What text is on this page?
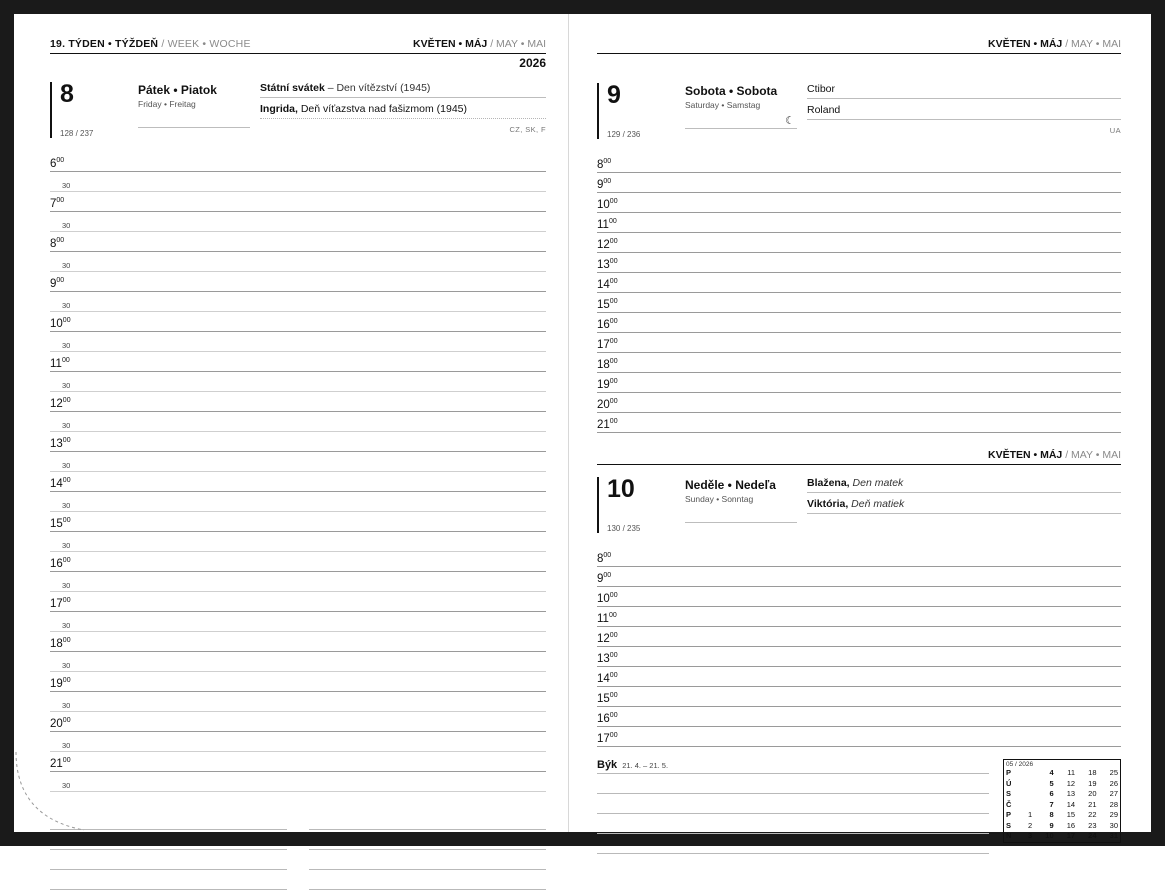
19. TÝDEN • TÝŽDEŇ / WEEK • WOCHE	KVĚTEN • MÁJ / MAY • MAI
2026
8
128 / 237
Pátek • Piatok
Friday • Freitag
Státní svátek – Den vítězství (1945)
Ingrida, Deň víťazstva nad fašizmom (1945)
CZ, SK, F
$6^{00}$
30
$7^{00}$
30
$8^{00}$
30
$9^{00}$
30
$10^{00}$
30
$11^{00}$
30
$12^{00}$
30
$13^{00}$
30
$14^{00}$
30
$15^{00}$
30
$16^{00}$
30
$17^{00}$
30
$18^{00}$
30
$19^{00}$
30
$20^{00}$
30
$21^{00}$
30
KVĚTEN • MÁJ / MAY • MAI
9
129 / 236
Sobota • Sobota
Saturday • Samstag
☾
Ctibor
Roland
UA
$8^{00}$
$9^{00}$
$10^{00}$
$11^{00}$
$12^{00}$
$13^{00}$
$14^{00}$
$15^{00}$
$16^{00}$
$17^{00}$
$18^{00}$
$19^{00}$
$20^{00}$
$21^{00}$
KVĚTEN • MÁJ / MAY • MAI
10
130 / 235
Neděle • Nedeľa
Sunday • Sonntag
Blažena, Den matek
Viktória, Deň matiek
$8^{00}$
$9^{00}$
$10^{00}$
$11^{00}$
$12^{00}$
$13^{00}$
$14^{00}$
$15^{00}$
$16^{00}$
$17^{00}$
Býk 21. 4. – 21. 5.	05 / 2026
P		4	11	18	25
Ú		5	12	19	26
S		6	13	20	27
Č		7	14	21	28
P	1	8	15	22	29
S	2	9	16	23	30
N	3	10	17	24	31
